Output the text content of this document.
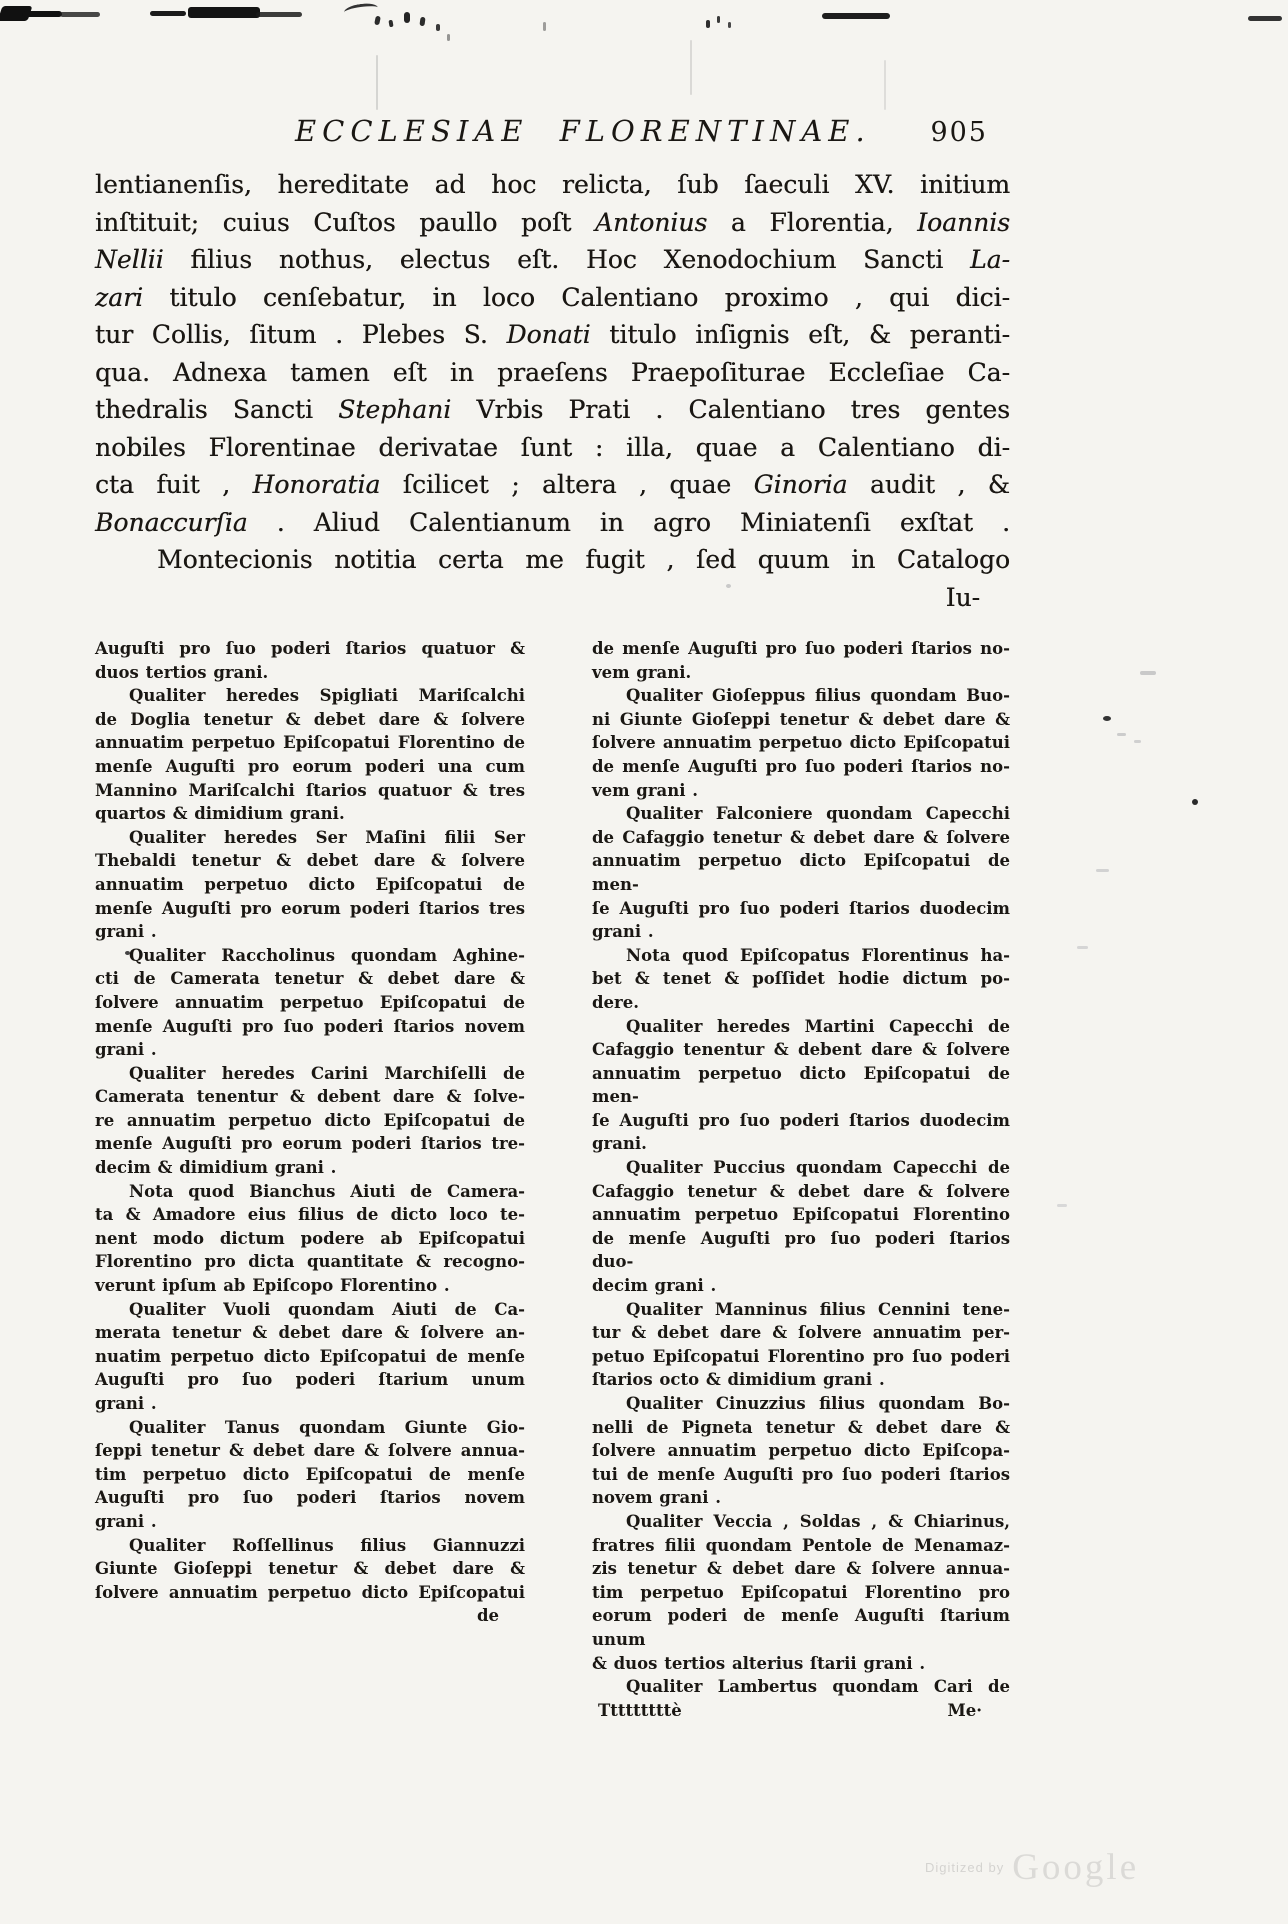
ECCLESIAE FLORENTINAE. 905
lentianenſis, hereditate ad hoc relicta, ſub ſaeculi XV. initium
inſtituit; cuius Cuſtos paullo poſt Antonius a Florentia, Ioannis
Nellii filius nothus, electus eſt. Hoc Xenodochium Sancti La-
zari titulo cenſebatur, in loco Calentiano proximo , qui dici-
tur Collis, ſitum . Plebes S. Donati titulo inſignis eſt, & peranti-
qua. Adnexa tamen eſt in praeſens Praepoſiturae Eccleſiae Ca-
thedralis Sancti Stephani Vrbis Prati . Calentiano tres gentes
nobiles Florentinae derivatae ſunt : illa, quae a Calentiano di-
cta fuit , Honoratia ſcilicet ; altera , quae Ginoria audit , &
Bonaccurſia . Aliud Calentianum in agro Miniatenſi exſtat .
Montecionis notitia certa me fugit , ſed quum in Catalogo
Iu-
Auguſti pro ſuo poderi ſtarios quatuor &
duos tertios grani.
Qualiter heredes Spigliati Mariſcalchi
de Doglia tenetur & debet dare & ſolvere
annuatim perpetuo Epiſcopatui Florentino de
menſe Auguſti pro eorum poderi una cum
Mannino Mariſcalchi ſtarios quatuor & tres
quartos & dimidium grani.
Qualiter heredes Ser Maſini filii Ser
Thebaldi tenetur & debet dare & ſolvere
annuatim perpetuo dicto Epiſcopatui de
menſe Auguſti pro eorum poderi ſtarios tres
grani .
Qualiter Raccholinus quondam Aghine-
cti de Camerata tenetur & debet dare &
ſolvere annuatim perpetuo Epiſcopatui de
menſe Auguſti pro ſuo poderi ſtarios novem
grani .
Qualiter heredes Carini Marchiſelli de
Camerata tenentur & debent dare & ſolve-
re annuatim perpetuo dicto Epiſcopatui de
menſe Auguſti pro eorum poderi ſtarios tre-
decim & dimidium grani .
Nota quod Bianchus Aiuti de Camera-
ta & Amadore eius filius de dicto loco te-
nent modo dictum podere ab Epiſcopatui
Florentino pro dicta quantitate & recogno-
verunt ipſum ab Epiſcopo Florentino .
Qualiter Vuoli quondam Aiuti de Ca-
merata tenetur & debet dare & ſolvere an-
nuatim perpetuo dicto Epiſcopatui de menſe
Auguſti pro ſuo poderi ſtarium unum
grani .
Qualiter Tanus quondam Giunte Gio-
ſeppi tenetur & debet dare & ſolvere annua-
tim perpetuo dicto Epiſcopatui de menſe
Auguſti pro ſuo poderi ſtarios novem
grani .
Qualiter Roſſellinus filius Giannuzzi
Giunte Gioſeppi tenetur & debet dare &
ſolvere annuatim perpetuo dicto Epiſcopatui
de
de menſe Auguſti pro ſuo poderi ſtarios no-
vem grani.
Qualiter Gioſeppus filius quondam Buo-
ni Giunte Gioſeppi tenetur & debet dare &
ſolvere annuatim perpetuo dicto Epiſcopatui
de menſe Auguſti pro ſuo poderi ſtarios no-
vem grani .
Qualiter Falconiere quondam Capecchi
de Cafaggio tenetur & debet dare & ſolvere
annuatim perpetuo dicto Epiſcopatui de men-
ſe Auguſti pro ſuo poderi ſtarios duodecim
grani .
Nota quod Epiſcopatus Florentinus ha-
bet & tenet & poſſidet hodie dictum po-
dere.
Qualiter heredes Martini Capecchi de
Cafaggio tenentur & debent dare & ſolvere
annuatim perpetuo dicto Epiſcopatui de men-
ſe Auguſti pro ſuo poderi ſtarios duodecim
grani.
Qualiter Puccius quondam Capecchi de
Cafaggio tenetur & debet dare & ſolvere
annuatim perpetuo Epiſcopatui Florentino
de menſe Auguſti pro ſuo poderi ſtarios duo-
decim grani .
Qualiter Manninus filius Cennini tene-
tur & debet dare & ſolvere annuatim per-
petuo Epiſcopatui Florentino pro ſuo poderi
ſtarios octo & dimidium grani .
Qualiter Cinuzzius filius quondam Bo-
nelli de Pigneta tenetur & debet dare &
ſolvere annuatim perpetuo dicto Epiſcopa-
tui de menſe Auguſti pro ſuo poderi ſtarios
novem grani .
Qualiter Veccia , Soldas , & Chiarinus,
fratres filii quondam Pentole de Menamaz-
zis tenetur & debet dare & ſolvere annua-
tim perpetuo Epiſcopatui Florentino pro
eorum poderi de menſe Auguſti ſtarium unum
& duos tertios alterius ſtarii grani .
Qualiter Lambertus quondam Cari de
Tttttttttè	Me·
Digitized by Google
